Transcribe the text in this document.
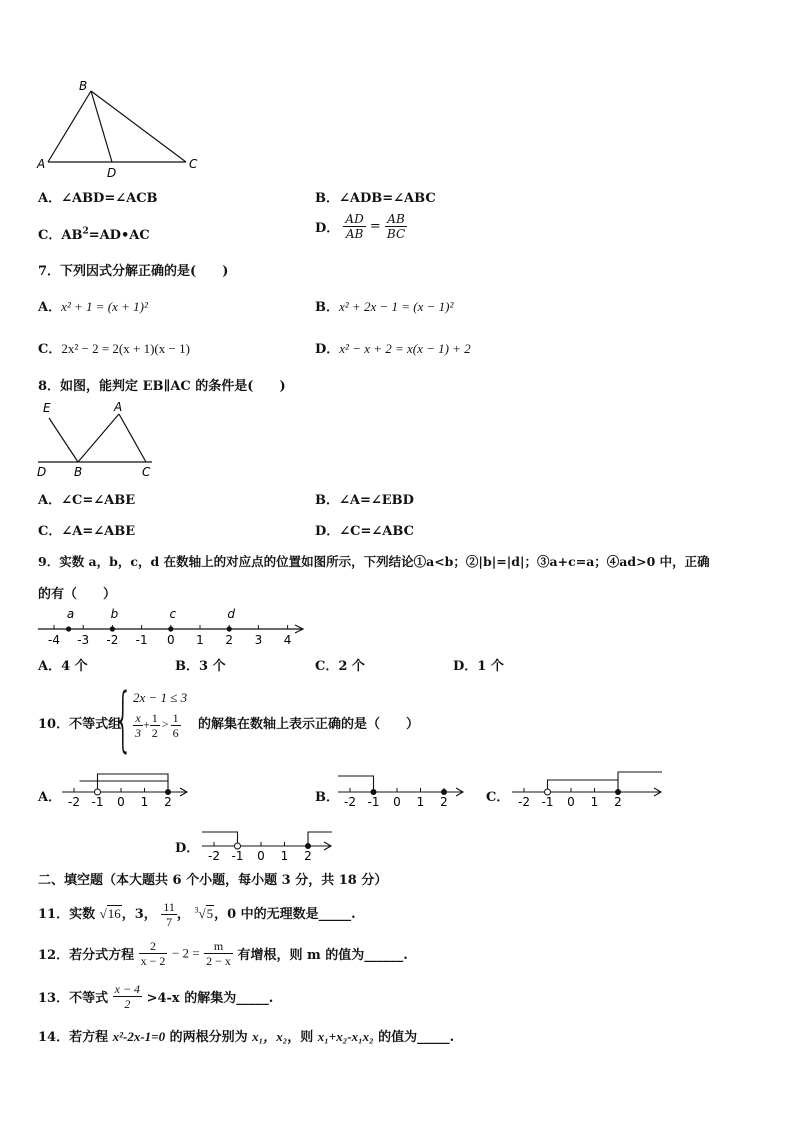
B
A
D
C
A．∠ABD=∠ACB	B．∠ADB=∠ABC
C．$AB^2=AD•AC$	D． $\frac{AD}{AB} = \frac{AB}{BC}$
7．下列因式分解正确的是(　　)
A．x² + 1 = (x + 1)²	B．x² + 2x − 1 = (x − 1)²
C．2x² − 2 = 2(x + 1)(x − 1)	D．x² − x + 2 = x(x − 1) + 2
8．如图，能判定 EB∥AC 的条件是(　　)
E	A
D B	C
A．∠C=∠ABE	B．∠A=∠EBD
C．∠A=∠ABE	D．∠C=∠ABC
9．实数 a，b，c，d 在数轴上的对应点的位置如图所示，下列结论①a<b；②|b|=|d|；③a+c=a；④ad>0 中，正确
的有（　　）
-4 -3 -2 -1 0 1 2 3 4
a	b	c	d
A．4 个	B．3 个	C．2 个	D．1 个
10．不等式组
{ 2x − 1 ≤ 3
$\frac{x}{3} + \frac{1}{2} > \frac{1}{6}$ 的解集在数轴上表示正确的是（　　）
A． -2 -1 0 1 2	B． -2 -1 0 1 2	C． -2 -1 0 1 2
D． -2 -1 0 1 2
二、填空题（本大题共 6 个小题，每小题 3 分，共 18 分）
11．实数 √16，3， $\frac{11}{7}$ ， $^3$√5，0 中的无理数是_____.
12．若分式方程 $\frac{2}{x - 2} - 2 = \frac{m}{2 - x}$ 有增根，则 m 的值为______.
13．不等式 $\frac{x - 4}{2} >4-x$ 的解集为_____.
14．若方程 x²-2x-1=0 的两根分别为 x₁，x₂，则 x₁+x₂-x₁x₂ 的值为_____.
